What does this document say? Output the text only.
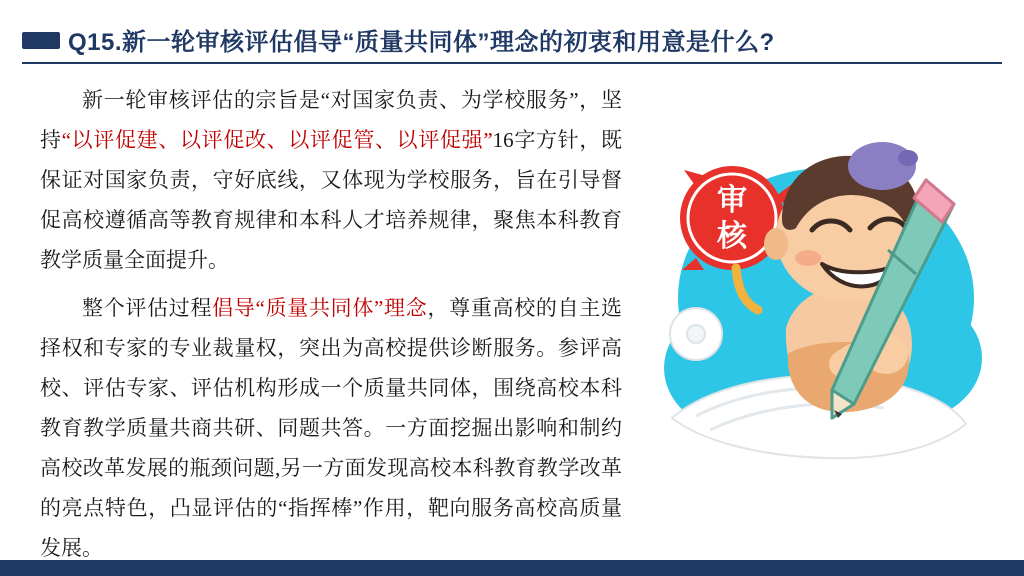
Q15.新一轮审核评估倡导“质量共同体”理念的初衷和用意是什么?

新一轮审核评估的宗旨是“对国家负责、为学校服务”，坚持“以评促建、以评促改、以评促管、以评促强”16字方针，既保证对国家负责，守好底线，又体现为学校服务，旨在引导督促高校遵循高等教育规律和本科人才培养规律，聚焦本科教育教学质量全面提升。

整个评估过程倡导“质量共同体”理念，尊重高校的自主选择权和专家的专业裁量权，突出为高校提供诊断服务。参评高校、评估专家、评估机构形成一个质量共同体，围绕高校本科教育教学质量共商共研、同题共答。一方面挖掘出影响和制约高校改革发展的瓶颈问题,另一方面发现高校本科教育教学改革的亮点特色，凸显评估的“指挥棒”作用，靶向服务高校高质量发展。

审
核
